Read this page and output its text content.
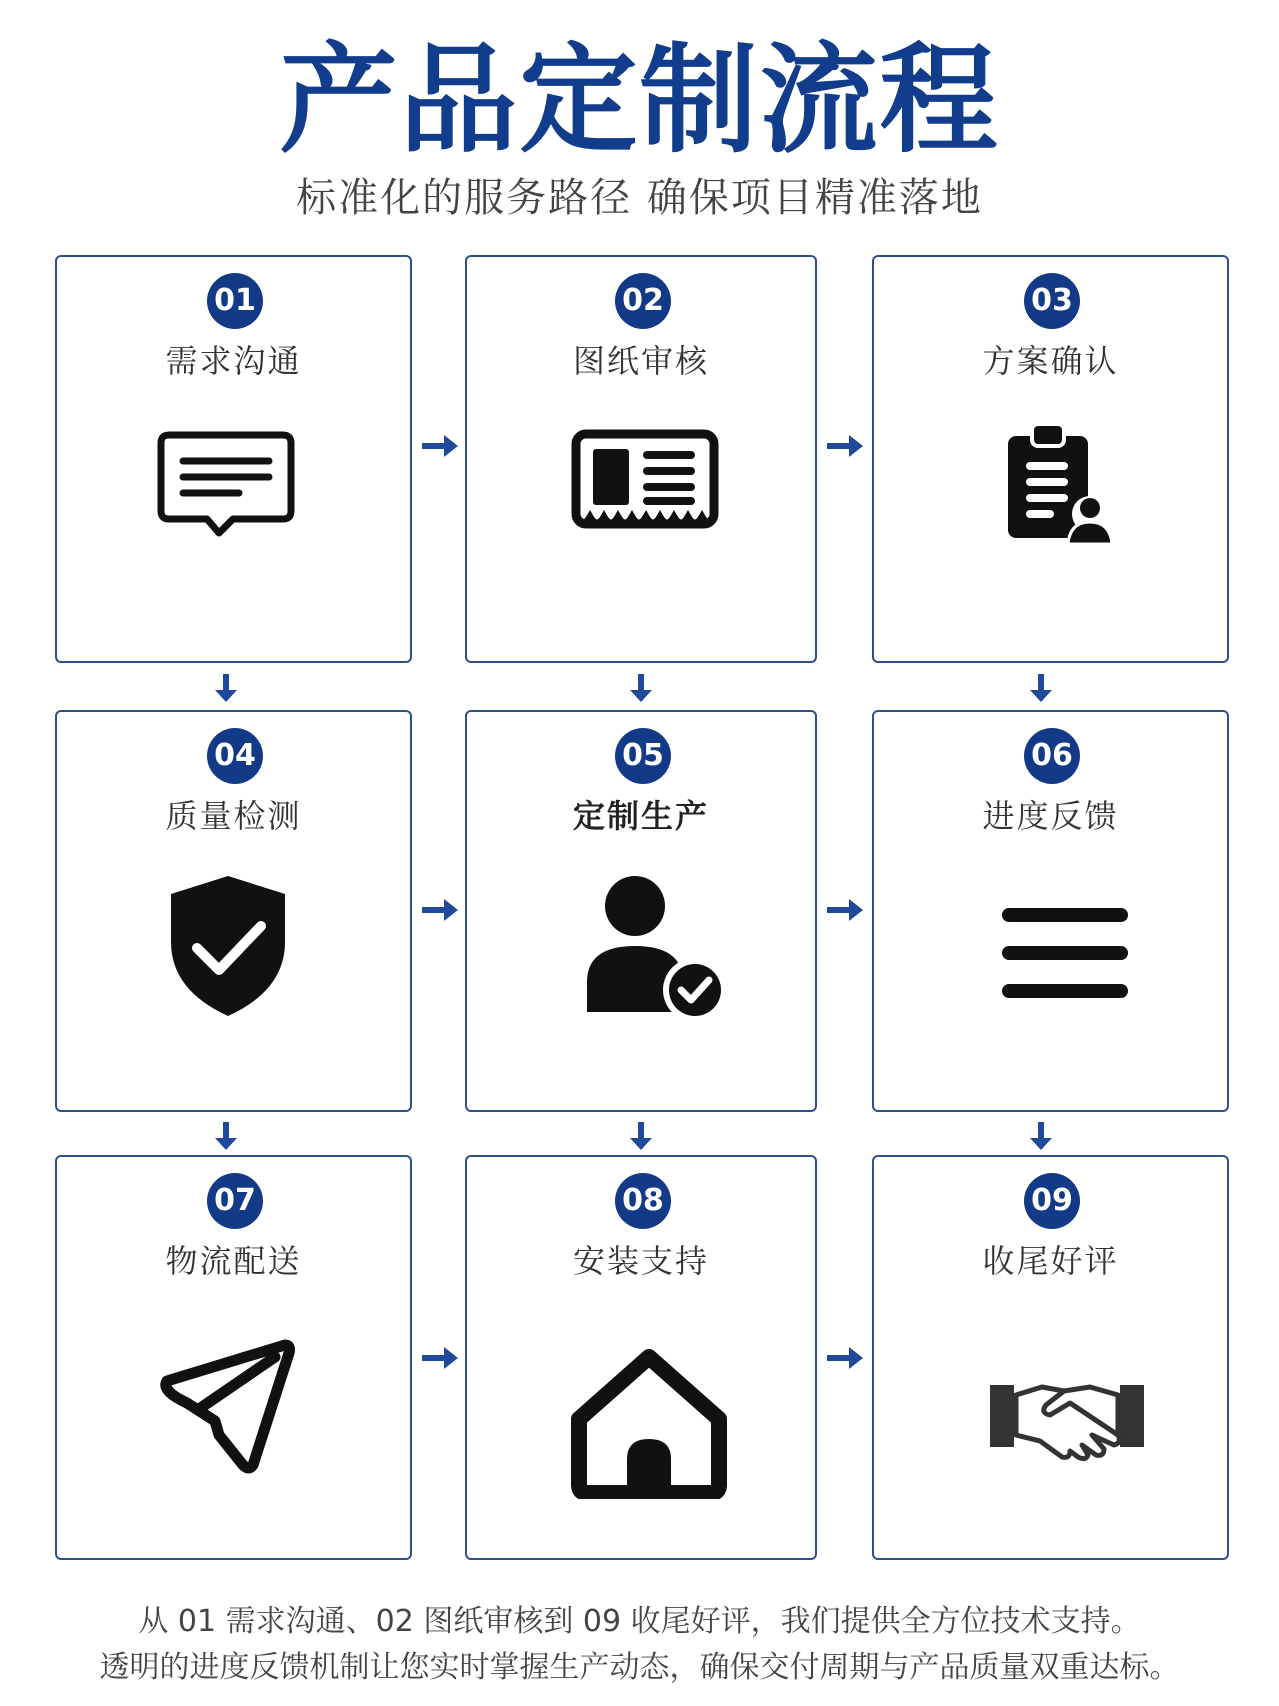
产品定制流程
标准化的服务路径 确保项目精准落地
01
需求沟通
02
图纸审核
03
方案确认
04
质量检测
05
定制生产
06
进度反馈
07
物流配送
08
安装支持
09
收尾好评
从 01 需求沟通、02 图纸审核到 09 收尾好评，我们提供全方位技术支持。
透明的进度反馈机制让您实时掌握生产动态，确保交付周期与产品质量双重达标。
